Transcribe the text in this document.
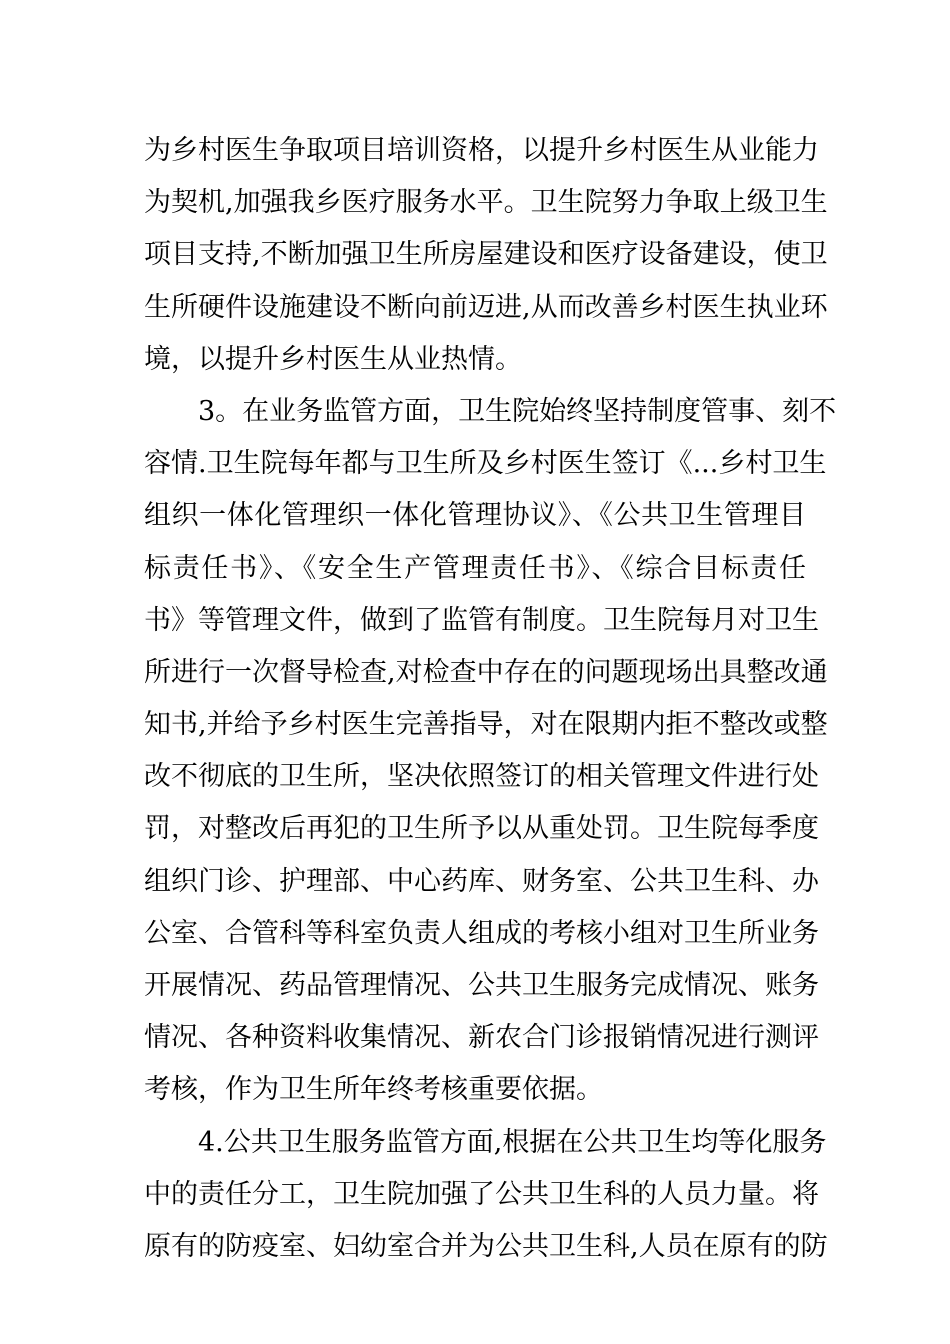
为乡村医生争取项目培训资格，以提升乡村医生从业能力
为契机,加强我乡医疗服务水平。卫生院努力争取上级卫生
项目支持,不断加强卫生所房屋建设和医疗设备建设，使卫
生所硬件设施建设不断向前迈进,从而改善乡村医生执业环
境，以提升乡村医生从业热情。
3。在业务监管方面，卫生院始终坚持制度管事、刻不
容情.卫生院每年都与卫生所及乡村医生签订《...乡村卫生
组织一体化管理织一体化管理协议》、《公共卫生管理目
标责任书》、《安全生产管理责任书》、《综合目标责任
书》等管理文件，做到了监管有制度。卫生院每月对卫生
所进行一次督导检查,对检查中存在的问题现场出具整改通
知书,并给予乡村医生完善指导，对在限期内拒不整改或整
改不彻底的卫生所，坚决依照签订的相关管理文件进行处
罚，对整改后再犯的卫生所予以从重处罚。卫生院每季度
组织门诊、护理部、中心药库、财务室、公共卫生科、办
公室、合管科等科室负责人组成的考核小组对卫生所业务
开展情况、药品管理情况、公共卫生服务完成情况、账务
情况、各种资料收集情况、新农合门诊报销情况进行测评
考核，作为卫生所年终考核重要依据。
4.公共卫生服务监管方面,根据在公共卫生均等化服务
中的责任分工，卫生院加强了公共卫生科的人员力量。将
原有的防疫室、妇幼室合并为公共卫生科,人员在原有的防
